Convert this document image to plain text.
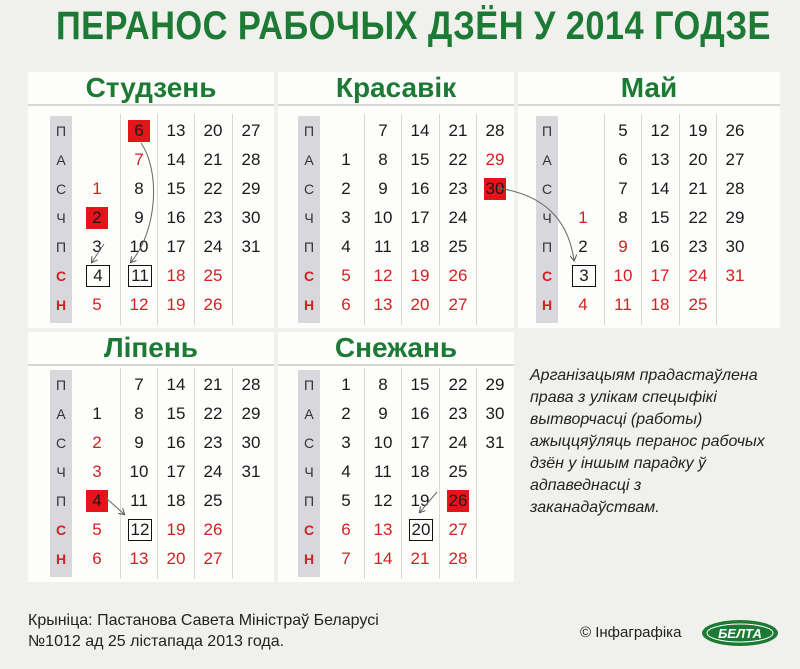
ПЕРАНОС РАБОЧЫХ ДЗЁН У 2014 ГОДЗЕ
Студзень
П
А
С
Ч
П
С
Н
1
2
3
4
5
6
7
8
9
10
11
12
13
14
15
16
17
18
19
20
21
22
23
24
25
26
27
28
29
30
31
Красавік
П
А
С
Ч
П
С
Н
1
2
3
4
5
6
7
8
9
10
11
12
13
14
15
16
17
18
19
20
21
22
23
24
25
26
27
28
29
30
Май
П
А
С
Ч
П
С
Н
1
2
3
4
5
6
7
8
9
10
11
12
13
14
15
16
17
18
19
20
21
22
23
24
25
26
27
28
29
30
31
Ліпень
П
А
С
Ч
П
С
Н
1
2
3
4
5
6
7
8
9
10
11
12
13
14
15
16
17
18
19
20
21
22
23
24
25
26
27
28
29
30
31
Снежань
П
А
С
Ч
П
С
Н
1
2
3
4
5
6
7
8
9
10
11
12
13
14
15
16
17
18
19
20
21
22
23
24
25
26
27
28
29
30
31
Арганізацыям прадастаўлена права з улікам спецыфікі вытворчасці (работы) ажыццяўляць перанос рабочых дзён у іншым парадку ў адпаведнасці з заканадаўствам.
Крыніца: Пастанова Савета Міністраў Беларусі
№1012 ад 25 лістапада 2013 года.
© Інфаграфіка	БЕЛТА
